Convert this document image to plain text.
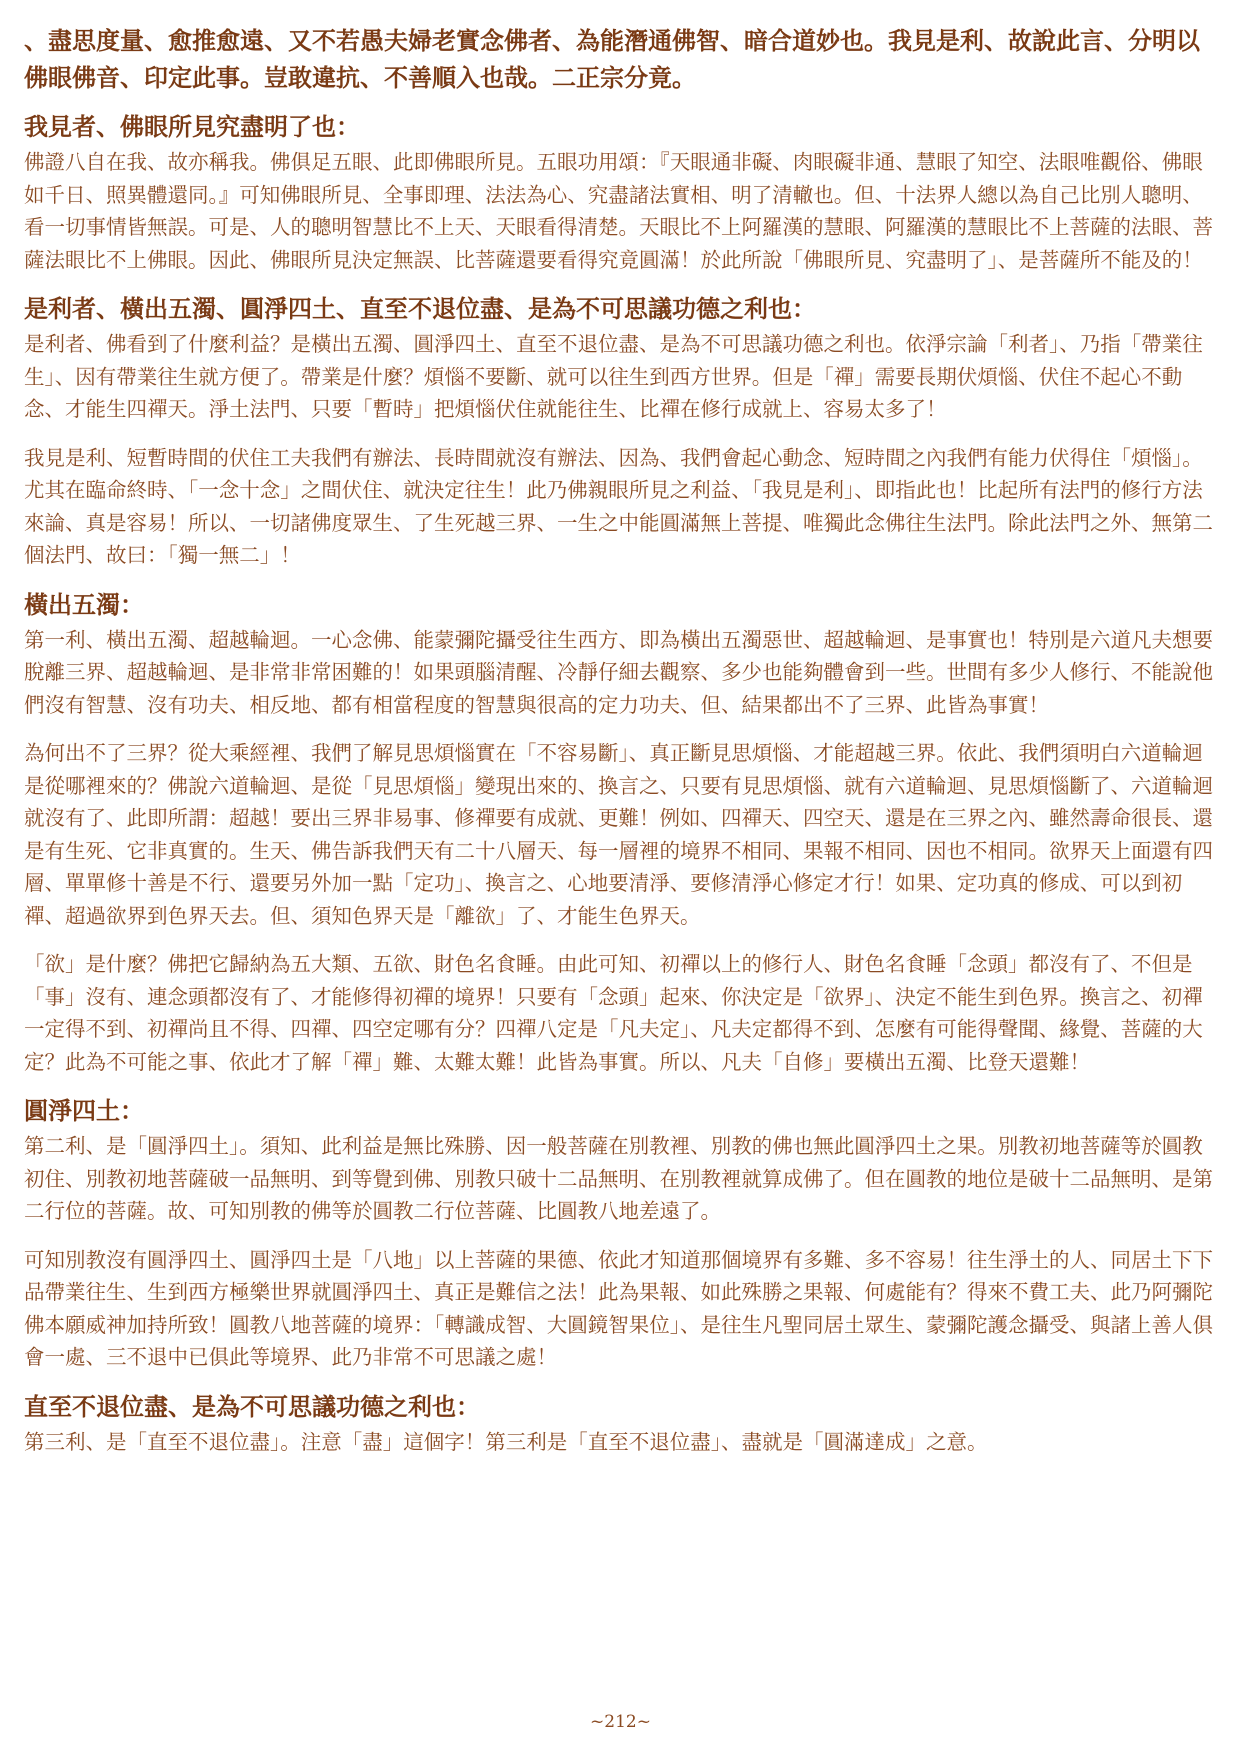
、盡思度量、愈推愈遠、又不若愚夫婦老實念佛者、為能潛通佛智、暗合道妙也。我見是利、故說此言、分明以佛眼佛音、印定此事。豈敢違抗、不善順入也哉。二正宗分竟。

我見者、佛眼所見究盡明了也：

佛證八自在我、故亦稱我。佛俱足五眼、此即佛眼所見。五眼功用頌：『天眼通非礙、肉眼礙非通、慧眼了知空、法眼唯觀俗、佛眼如千日、照異體還同。』可知佛眼所見、全事即理、法法為心、究盡諸法實相、明了清轍也。但、十法界人總以為自己比別人聰明、看一切事情皆無誤。可是、人的聰明智慧比不上天、天眼看得清楚。天眼比不上阿羅漢的慧眼、阿羅漢的慧眼比不上菩薩的法眼、菩薩法眼比不上佛眼。因此、佛眼所見決定無誤、比菩薩還要看得究竟圓滿！於此所說「佛眼所見、究盡明了」、是菩薩所不能及的！

是利者、橫出五濁、圓淨四土、直至不退位盡、是為不可思議功德之利也：

是利者、佛看到了什麼利益？是橫出五濁、圓淨四土、直至不退位盡、是為不可思議功德之利也。依淨宗論「利者」、乃指「帶業往生」、因有帶業往生就方便了。帶業是什麼？煩惱不要斷、就可以往生到西方世界。但是「禪」需要長期伏煩惱、伏住不起心不動念、才能生四禪天。淨土法門、只要「暫時」把煩惱伏住就能往生、比禪在修行成就上、容易太多了！

我見是利、短暫時間的伏住工夫我們有辦法、長時間就沒有辦法、因為、我們會起心動念、短時間之內我們有能力伏得住「煩惱」。尤其在臨命終時、「一念十念」之間伏住、就決定往生！此乃佛親眼所見之利益、「我見是利」、即指此也！比起所有法門的修行方法來論、真是容易！所以、一切諸佛度眾生、了生死越三界、一生之中能圓滿無上菩提、唯獨此念佛往生法門。除此法門之外、無第二個法門、故曰：「獨一無二」！

橫出五濁：

第一利、橫出五濁、超越輪迴。一心念佛、能蒙彌陀攝受往生西方、即為橫出五濁惡世、超越輪迴、是事實也！特別是六道凡夫想要脫離三界、超越輪迴、是非常非常困難的！如果頭腦清醒、冷靜仔細去觀察、多少也能夠體會到一些。世間有多少人修行、不能說他們沒有智慧、沒有功夫、相反地、都有相當程度的智慧與很高的定力功夫、但、結果都出不了三界、此皆為事實！

為何出不了三界？從大乘經裡、我們了解見思煩惱實在「不容易斷」、真正斷見思煩惱、才能超越三界。依此、我們須明白六道輪迴是從哪裡來的？佛說六道輪迴、是從「見思煩惱」變現出來的、換言之、只要有見思煩惱、就有六道輪迴、見思煩惱斷了、六道輪迴就沒有了、此即所謂：超越！要出三界非易事、修禪要有成就、更難！例如、四禪天、四空天、還是在三界之內、雖然壽命很長、還是有生死、它非真實的。生天、佛告訴我們天有二十八層天、每一層裡的境界不相同、果報不相同、因也不相同。欲界天上面還有四層、單單修十善是不行、還要另外加一點「定功」、換言之、心地要清淨、要修清淨心修定才行！如果、定功真的修成、可以到初禪、超過欲界到色界天去。但、須知色界天是「離欲」了、才能生色界天。

「欲」是什麼？佛把它歸納為五大類、五欲、財色名食睡。由此可知、初禪以上的修行人、財色名食睡「念頭」都沒有了、不但是「事」沒有、連念頭都沒有了、才能修得初禪的境界！只要有「念頭」起來、你決定是「欲界」、決定不能生到色界。換言之、初禪一定得不到、初禪尚且不得、四禪、四空定哪有分？四禪八定是「凡夫定」、凡夫定都得不到、怎麼有可能得聲聞、緣覺、菩薩的大定？此為不可能之事、依此才了解「禪」難、太難太難！此皆為事實。所以、凡夫「自修」要橫出五濁、比登天還難！

圓淨四土：

第二利、是「圓淨四土」。須知、此利益是無比殊勝、因一般菩薩在別教裡、別教的佛也無此圓淨四土之果。別教初地菩薩等於圓教初住、別教初地菩薩破一品無明、到等覺到佛、別教只破十二品無明、在別教裡就算成佛了。但在圓教的地位是破十二品無明、是第二行位的菩薩。故、可知別教的佛等於圓教二行位菩薩、比圓教八地差遠了。

可知別教沒有圓淨四土、圓淨四土是「八地」以上菩薩的果德、依此才知道那個境界有多難、多不容易！往生淨土的人、同居土下下品帶業往生、生到西方極樂世界就圓淨四土、真正是難信之法！此為果報、如此殊勝之果報、何處能有？得來不費工夫、此乃阿彌陀佛本願威神加持所致！圓教八地菩薩的境界：「轉識成智、大圓鏡智果位」、是往生凡聖同居土眾生、蒙彌陀護念攝受、與諸上善人俱會一處、三不退中已俱此等境界、此乃非常不可思議之處！

直至不退位盡、是為不可思議功德之利也：

第三利、是「直至不退位盡」。注意「盡」這個字！第三利是「直至不退位盡」、盡就是「圓滿達成」之意。

~212~
